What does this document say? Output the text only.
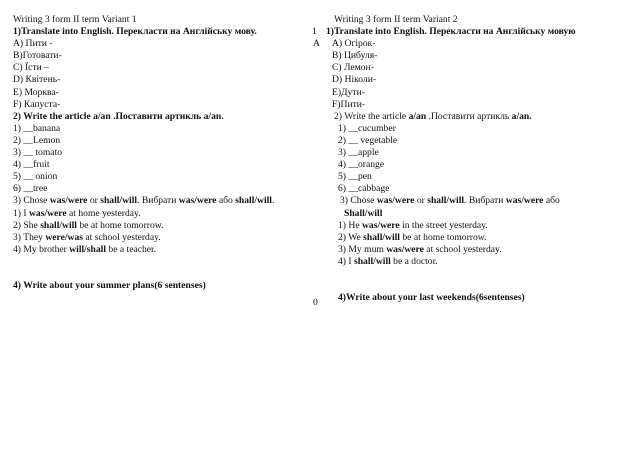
Writing 3 form II term Variant 1
1)Translate into English. Перекласти на Англійську мову.
A) Пити -
B)Готовати-
C) Їсти –
D) Квітень-
E) Морква-
F) Капуста-
2) Write the article a/an .Поставити артикль a/an.
1) __banana
2) __Lemon
3) __ tomato
4) __fruit
5) __ onion
6) __tree
3) Chose was/were or shall/will. Вибрати was/were або shall/will.
1) I was/were at home yesterday.
2) She shall/will be at home tomorrow.
3) They were/was at school yesterday.
4) My brother will/shall be a teacher.
4) Write about your summer plans(6 sentenses)
Writing 3 form II term Variant 2
1)Translate into English. Перекласти на Англійську мовую
A) Огірок-
B) Цибуля-
C) Лемон-
D) Ніколи-
E)Дути-
F)Пити-
2) Write the article a/an .Поставити артикль a/an.
1) __cucumber
2) __ vegetable
3) __apple
4) __orange
5) __pen
6) __cabbage
3) Chose was/were or shall/will. Вибрати was/were або
Shall/will
1) He was/were in the street yesterday.
2) We shall/will be at home tomorrow.
3) My mum was/were at school yesterday.
4) I shall/will be a doctor.
4)Write about your last weekends(6sentenses)
1
A
0
